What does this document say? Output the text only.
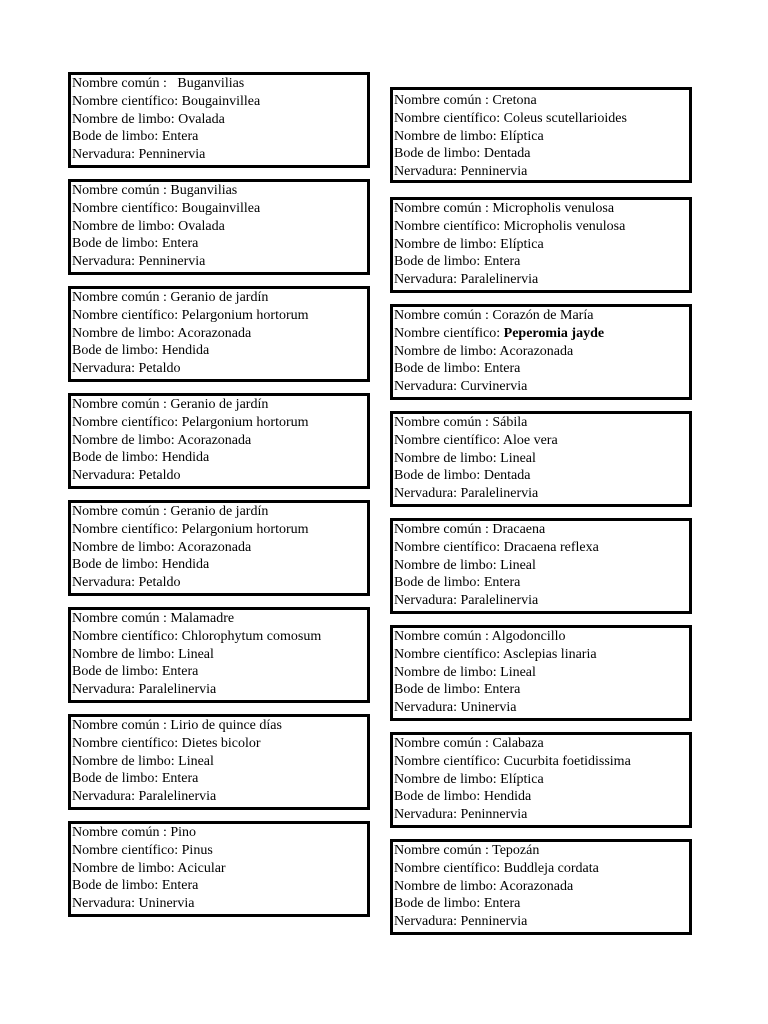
Nombre común :   Buganvilias
Nombre científico: Bougainvillea
Nombre de limbo: Ovalada
Bode de limbo: Entera
Nervadura: Penninervia
Nombre común : Buganvilias
Nombre científico: Bougainvillea
Nombre de limbo: Ovalada
Bode de limbo: Entera
Nervadura: Penninervia
Nombre común : Geranio de jardín
Nombre científico: Pelargonium hortorum
Nombre de limbo: Acorazonada
Bode de limbo: Hendida
Nervadura: Petaldo
Nombre común : Geranio de jardín
Nombre científico: Pelargonium hortorum
Nombre de limbo: Acorazonada
Bode de limbo: Hendida
Nervadura: Petaldo
Nombre común : Geranio de jardín
Nombre científico: Pelargonium hortorum
Nombre de limbo: Acorazonada
Bode de limbo: Hendida
Nervadura: Petaldo
Nombre común : Malamadre
Nombre científico: Chlorophytum comosum
Nombre de limbo: Lineal
Bode de limbo: Entera
Nervadura: Paralelinervia
Nombre común : Lirio de quince días
Nombre científico: Dietes bicolor
Nombre de limbo: Lineal
Bode de limbo: Entera
Nervadura: Paralelinervia
Nombre común : Pino
Nombre científico: Pinus
Nombre de limbo: Acicular
Bode de limbo: Entera
Nervadura: Uninervia
Nombre común : Cretona
Nombre científico: Coleus scutellarioides
Nombre de limbo: Elíptica
Bode de limbo: Dentada
Nervadura: Penninervia
Nombre común : Micropholis venulosa
Nombre científico: Micropholis venulosa
Nombre de limbo: Elíptica
Bode de limbo: Entera
Nervadura: Paralelinervia
Nombre común : Corazón de María
Nombre científico: Peperomia jayde
Nombre de limbo: Acorazonada
Bode de limbo: Entera
Nervadura: Curvinervia
Nombre común : Sábila
Nombre científico: Aloe vera
Nombre de limbo: Lineal
Bode de limbo: Dentada
Nervadura: Paralelinervia
Nombre común : Dracaena
Nombre científico: Dracaena reflexa
Nombre de limbo: Lineal
Bode de limbo: Entera
Nervadura: Paralelinervia
Nombre común : Algodoncillo
Nombre científico: Asclepias linaria
Nombre de limbo: Lineal
Bode de limbo: Entera
Nervadura: Uninervia
Nombre común : Calabaza
Nombre científico: Cucurbita foetidissima
Nombre de limbo: Elíptica
Bode de limbo: Hendida
Nervadura: Peninnervia
Nombre común : Tepozán
Nombre científico: Buddleja cordata
Nombre de limbo: Acorazonada
Bode de limbo: Entera
Nervadura: Penninervia
